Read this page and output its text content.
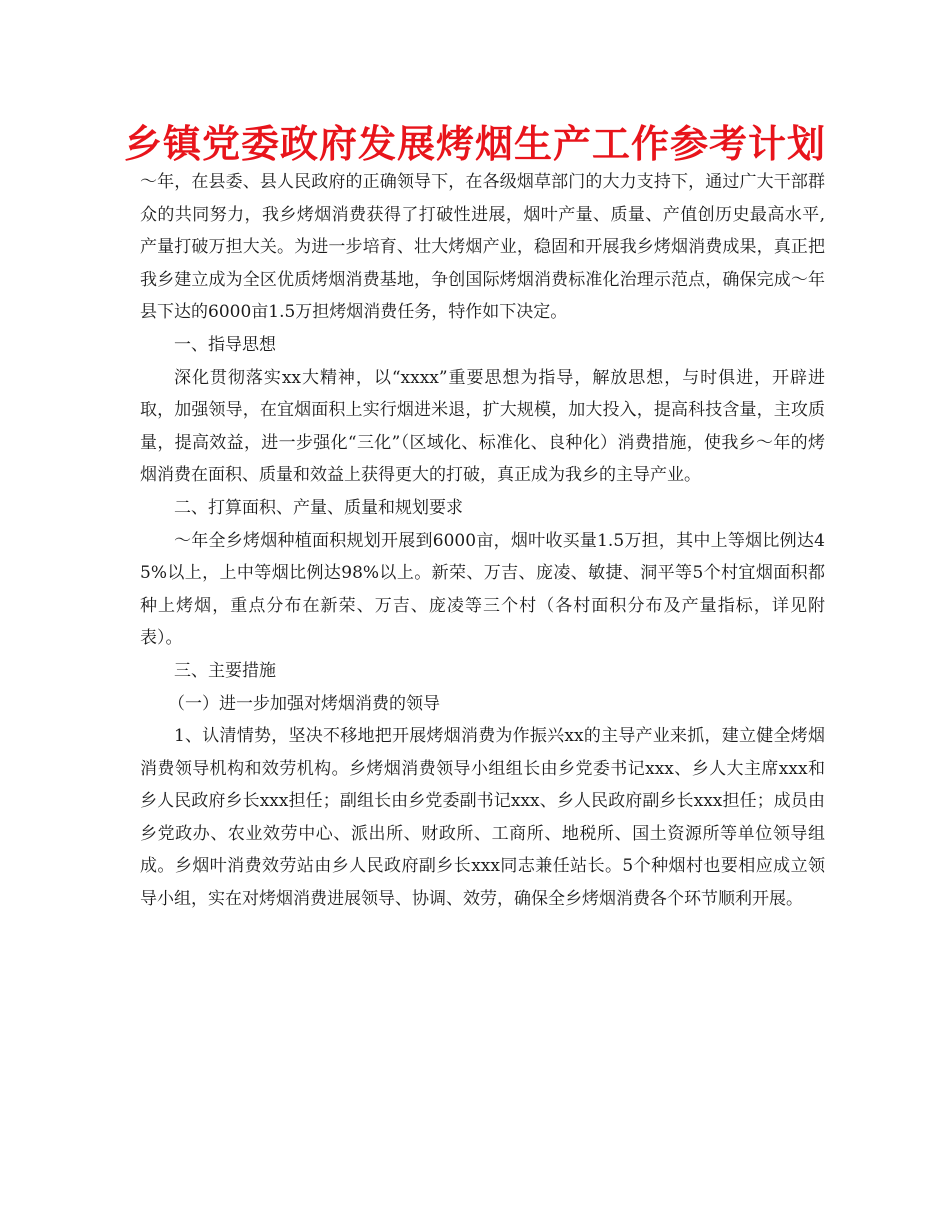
乡镇党委政府发展烤烟生产工作参考计划

～年，在县委、县人民政府的正确领导下，在各级烟草部门的大力支持下，通过广大干部群众的共同努力，我乡烤烟消费获得了打破性进展，烟叶产量、质量、产值创历史最高水平,产量打破万担大关。为进一步培育、壮大烤烟产业，稳固和开展我乡烤烟消费成果，真正把我乡建立成为全区优质烤烟消费基地，争创国际烤烟消费标准化治理示范点，确保完成～年县下达的6000亩1.5万担烤烟消费任务，特作如下决定。

一、指导思想

深化贯彻落实xx大精神，以“xxxx”重要思想为指导，解放思想，与时俱进，开辟进取，加强领导，在宜烟面积上实行烟进米退，扩大规模，加大投入，提高科技含量，主攻质量，提高效益，进一步强化“三化”（区域化、标准化、良种化）消费措施，使我乡～年的烤烟消费在面积、质量和效益上获得更大的打破，真正成为我乡的主导产业。

二、打算面积、产量、质量和规划要求

～年全乡烤烟种植面积规划开展到6000亩，烟叶收买量1.5万担，其中上等烟比例达45%以上，上中等烟比例达98%以上。新荣、万吉、庞凌、敏捷、洞平等5个村宜烟面积都种上烤烟，重点分布在新荣、万吉、庞凌等三个村（各村面积分布及产量指标，详见附表）。

三、主要措施

（一）进一步加强对烤烟消费的领导

1、认清情势，坚决不移地把开展烤烟消费为作振兴xx的主导产业来抓，建立健全烤烟消费领导机构和效劳机构。乡烤烟消费领导小组组长由乡党委书记xxx、乡人大主席xxx和乡人民政府乡长xxx担任；副组长由乡党委副书记xxx、乡人民政府副乡长xxx担任；成员由乡党政办、农业效劳中心、派出所、财政所、工商所、地税所、国土资源所等单位领导组成。乡烟叶消费效劳站由乡人民政府副乡长xxx同志兼任站长。5个种烟村也要相应成立领导小组，实在对烤烟消费进展领导、协调、效劳，确保全乡烤烟消费各个环节顺利开展。
